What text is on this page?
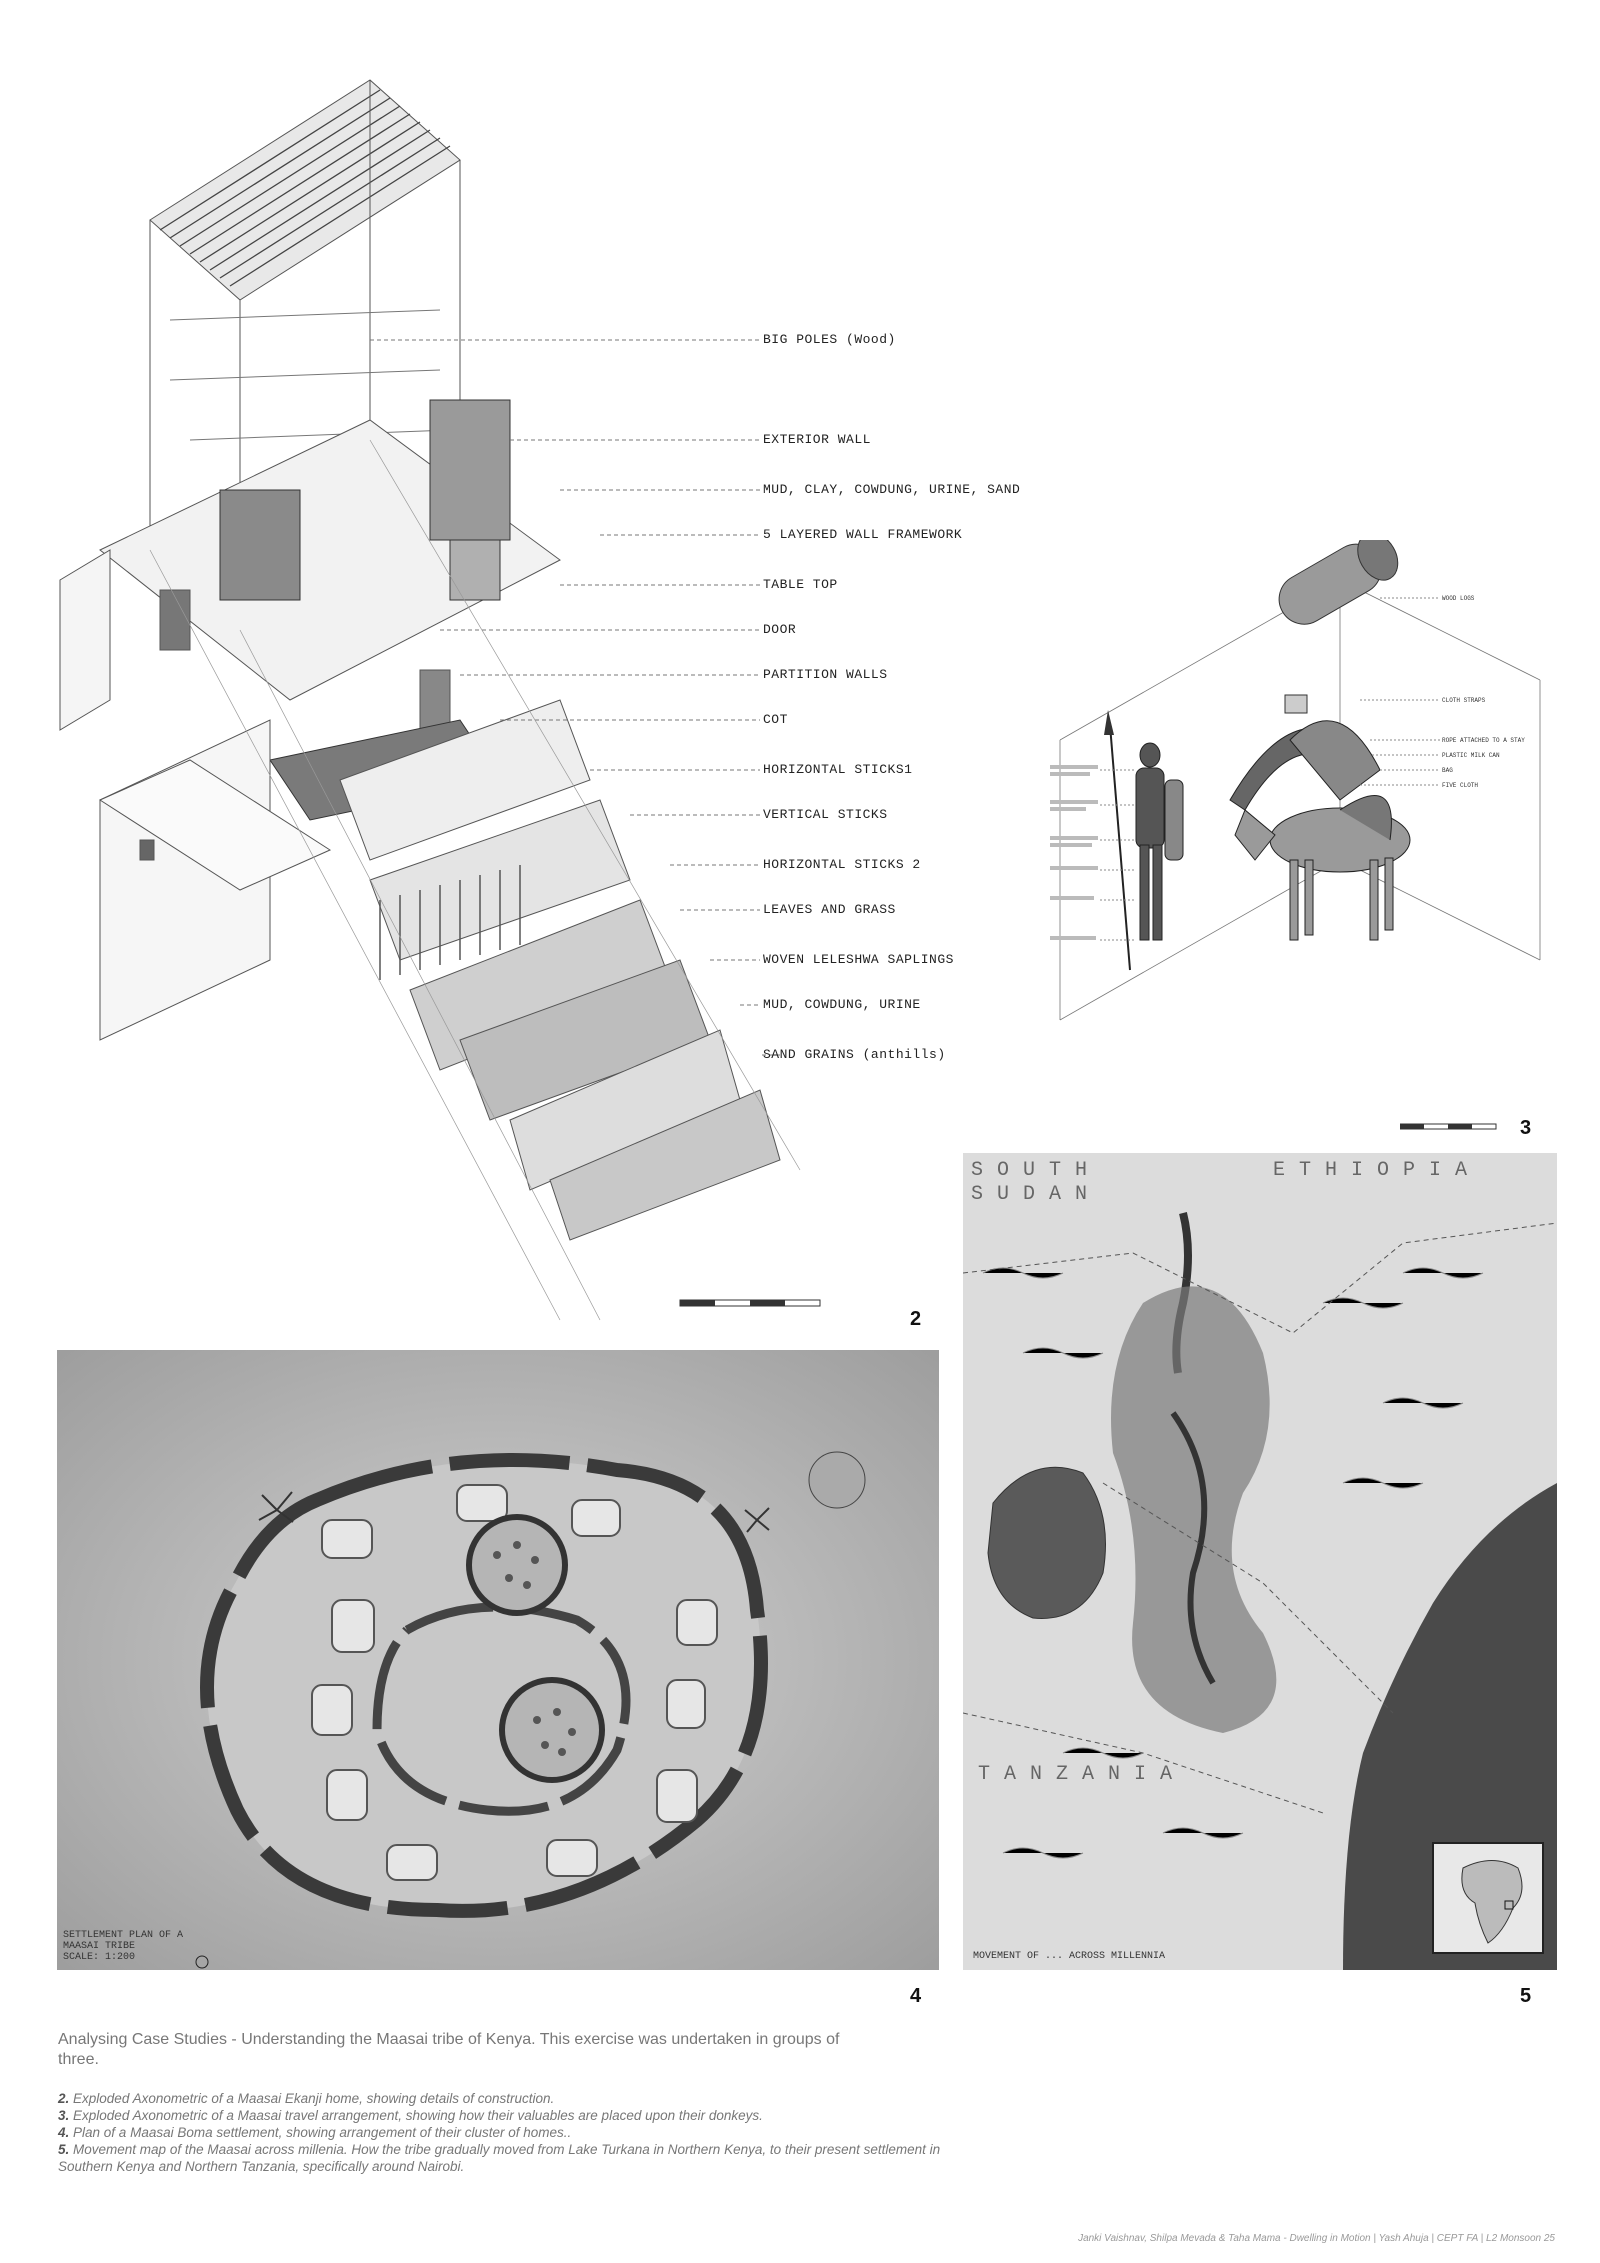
BIG POLES (Wood)
EXTERIOR WALL
MUD, CLAY, COWDUNG, URINE, SAND
5 LAYERED WALL FRAMEWORK
TABLE TOP
DOOR
PARTITION WALLS
COT
HORIZONTAL STICKS1
VERTICAL STICKS
HORIZONTAL STICKS 2
LEAVES AND GRASS
WOVEN LELESHWA SAPLINGS
MUD, COWDUNG, URINE
SAND GRAINS (anthills)
2
WOOD LOGS
CLOTH STRAPS
ROPE ATTACHED TO A STAY
PLASTIC MILK CAN
BAG
FIVE CLOTH
3
SETTLEMENT PLAN OF A
MAASAI TRIBE
SCALE: 1:200
4
SOUTH
SUDAN
ETHIOPIA
TANZANIA
MOVEMENT OF ... ACROSS MILLENNIA
5
Analysing Case Studies - Understanding the Maasai tribe of Kenya. This exercise was undertaken in groups of three.

2. Exploded Axonometric of a Maasai Ekanji home, showing details of construction.

3. Exploded Axonometric of a Maasai travel arrangement, showing how their valuables are placed upon their donkeys.

4. Plan of a Maasai Boma settlement, showing arrangement of their cluster of homes..

5. Movement map of the Maasai across millenia. How the tribe gradually moved from Lake Turkana in Northern Kenya, to their present settlement in Southern Kenya and Northern Tanzania, specifically around Nairobi.

Janki Vaishnav, Shilpa Mevada & Taha Mama - Dwelling in Motion | Yash Ahuja | CEPT FA | L2 Monsoon 25
